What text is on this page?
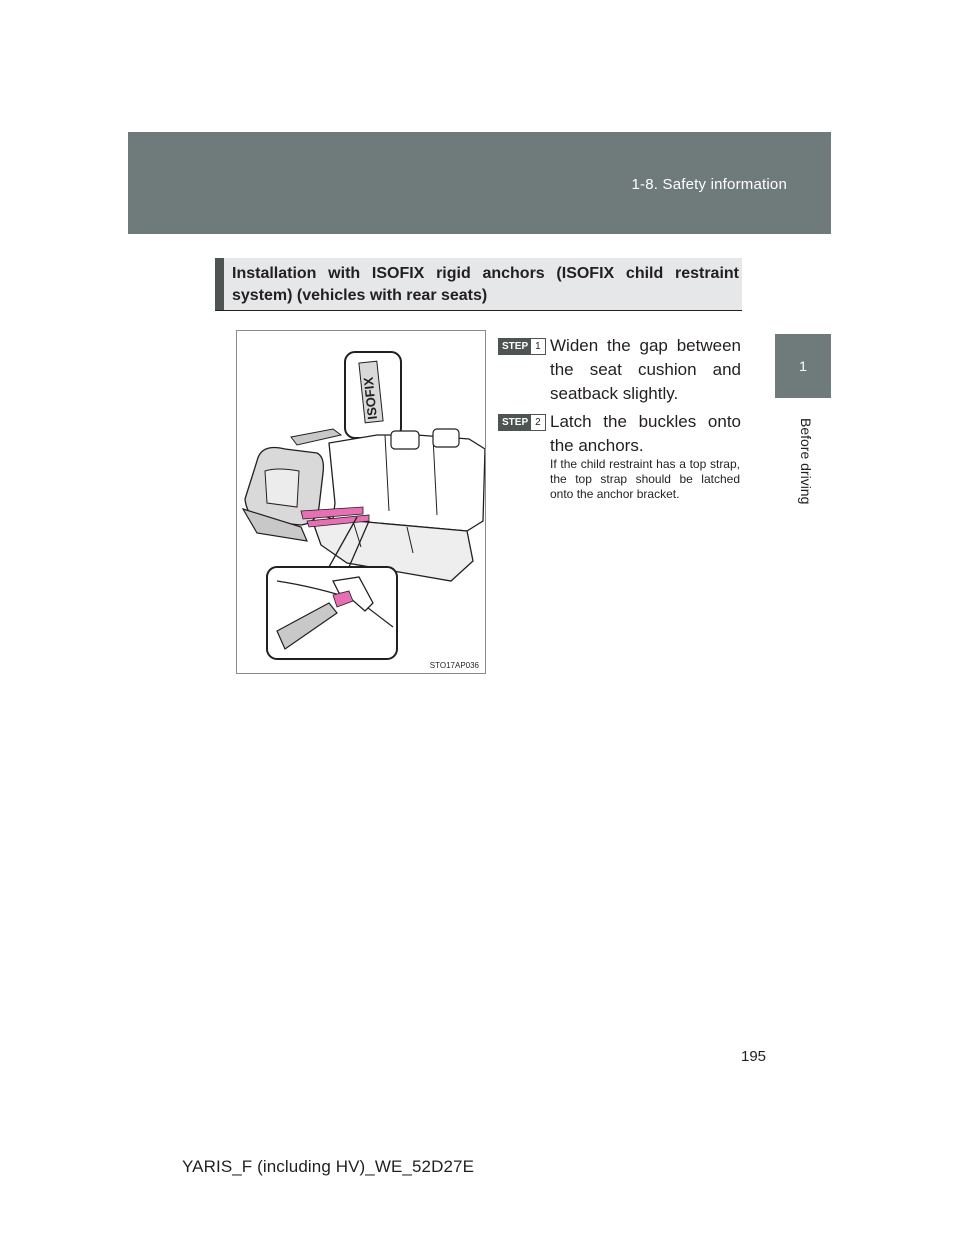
1-8. Safety information
1
Before driving
Installation with ISOFIX rigid anchors (ISOFIX child restraint system) (vehicles with rear seats)
ISOFIX
STO17AP036
STEP 1 Widen the gap between the seat cushion and seatback slightly.
STEP 2 Latch the buckles onto the anchors.
If the child restraint has a top strap, the top strap should be latched onto the anchor bracket.
195
YARIS_F (including HV)_WE_52D27E
